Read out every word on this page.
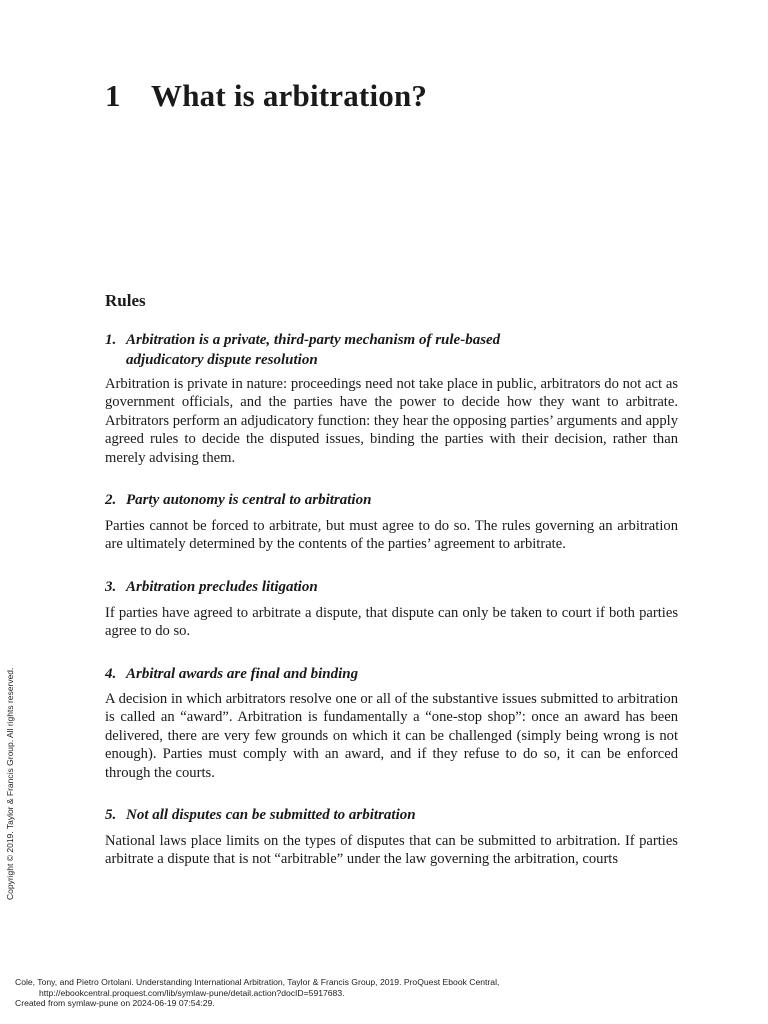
1 What is arbitration?
Rules
1. Arbitration is a private, third-party mechanism of rule-based
adjudicatory dispute resolution

Arbitration is private in nature: proceedings need not take place in public, arbitrators do not act as government officials, and the parties have the power to decide how they want to arbitrate. Arbitrators perform an adjudicatory function: they hear the opposing parties’ arguments and apply agreed rules to decide the disputed issues, binding the parties with their decision, rather than merely advising them.

2. Party autonomy is central to arbitration

Parties cannot be forced to arbitrate, but must agree to do so. The rules governing an arbitration are ultimately determined by the contents of the parties’ agreement to arbitrate.

3. Arbitration precludes litigation

If parties have agreed to arbitrate a dispute, that dispute can only be taken to court if both parties agree to do so.

4. Arbitral awards are final and binding

A decision in which arbitrators resolve one or all of the substantive issues submitted to arbitration is called an “award”. Arbitration is fundamentally a “one-stop shop”: once an award has been delivered, there are very few grounds on which it can be challenged (simply being wrong is not enough). Parties must comply with an award, and if they refuse to do so, it can be enforced through the courts.

5. Not all disputes can be submitted to arbitration

National laws place limits on the types of disputes that can be submitted to arbitration. If parties arbitrate a dispute that is not “arbitrable” under the law governing the arbitration, courts

Copyright © 2019. Taylor & Francis Group. All rights reserved.
Cole, Tony, and Pietro Ortolani. Understanding International Arbitration, Taylor & Francis Group, 2019. ProQuest Ebook Central,
http://ebookcentral.proquest.com/lib/symlaw-pune/detail.action?docID=5917683.
Created from symlaw-pune on 2024-06-19 07:54:29.
